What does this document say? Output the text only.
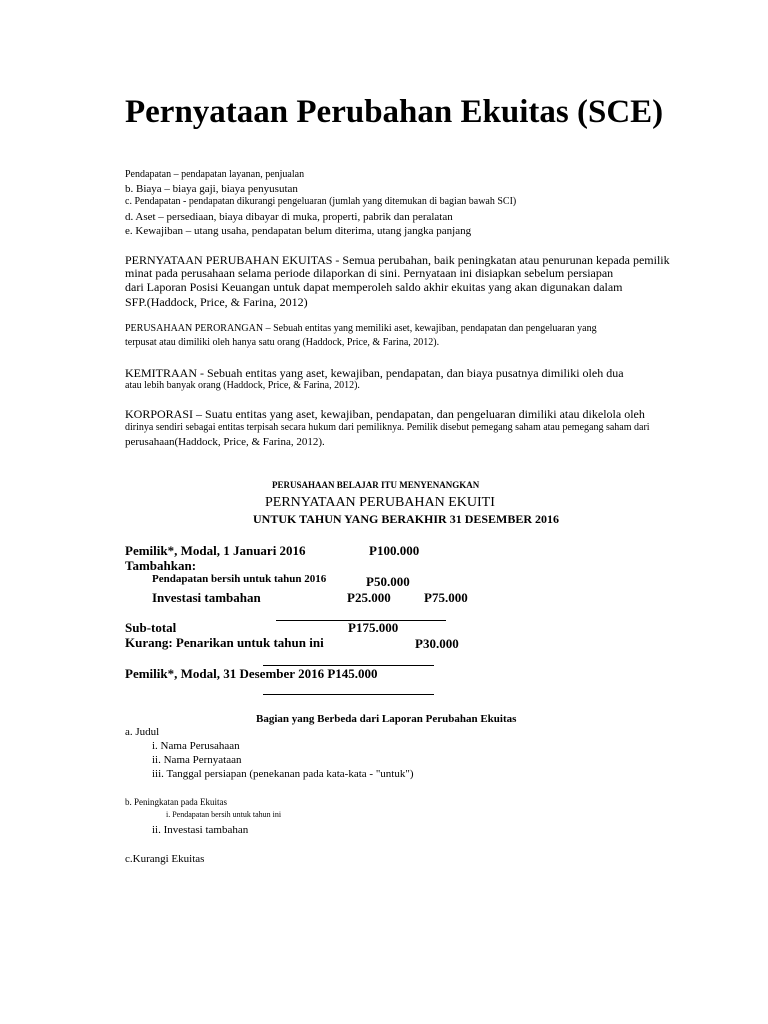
Pernyataan Perubahan Ekuitas (SCE)
Pendapatan – pendapatan layanan, penjualan
b. Biaya – biaya gaji, biaya penyusutan
c. Pendapatan - pendapatan dikurangi pengeluaran (jumlah yang ditemukan di bagian bawah SCI)
d. Aset – persediaan, biaya dibayar di muka, properti, pabrik dan peralatan
e. Kewajiban – utang usaha, pendapatan belum diterima, utang jangka panjang
PERNYATAAN PERUBAHAN EKUITAS - Semua perubahan, baik peningkatan atau penurunan kepada pemilik
minat pada perusahaan selama periode dilaporkan di sini. Pernyataan ini disiapkan sebelum persiapan
dari Laporan Posisi Keuangan untuk dapat memperoleh saldo akhir ekuitas yang akan digunakan dalam
SFP.(Haddock, Price, & Farina, 2012)
PERUSAHAAN PERORANGAN – Sebuah entitas yang memiliki aset, kewajiban, pendapatan dan pengeluaran yang
terpusat atau dimiliki oleh hanya satu orang (Haddock, Price, & Farina, 2012).
KEMITRAAN - Sebuah entitas yang aset, kewajiban, pendapatan, dan biaya pusatnya dimiliki oleh dua
atau lebih banyak orang (Haddock, Price, & Farina, 2012).
KORPORASI – Suatu entitas yang aset, kewajiban, pendapatan, dan pengeluaran dimiliki atau dikelola oleh
dirinya sendiri sebagai entitas terpisah secara hukum dari pemiliknya. Pemilik disebut pemegang saham atau pemegang saham dari
perusahaan(Haddock, Price, & Farina, 2012).
PERUSAHAAN BELAJAR ITU MENYENANGKAN
PERNYATAAN PERUBAHAN EKUITI
UNTUK TAHUN YANG BERAKHIR 31 DESEMBER 2016
Pemilik*, Modal, 1 Januari 2016	P100.000
Tambahkan:
Pendapatan bersih untuk tahun 2016	P50.000
Investasi tambahan	P25.000	P75.000
Sub-total	P175.000
Kurang: Penarikan untuk tahun ini	P30.000
Pemilik*, Modal, 31 Desember 2016 P145.000
Bagian yang Berbeda dari Laporan Perubahan Ekuitas
a. Judul
i. Nama Perusahaan
ii. Nama Pernyataan
iii. Tanggal persiapan (penekanan pada kata-kata - "untuk")
b. Peningkatan pada Ekuitas
i. Pendapatan bersih untuk tahun ini
ii. Investasi tambahan
c.Kurangi Ekuitas
